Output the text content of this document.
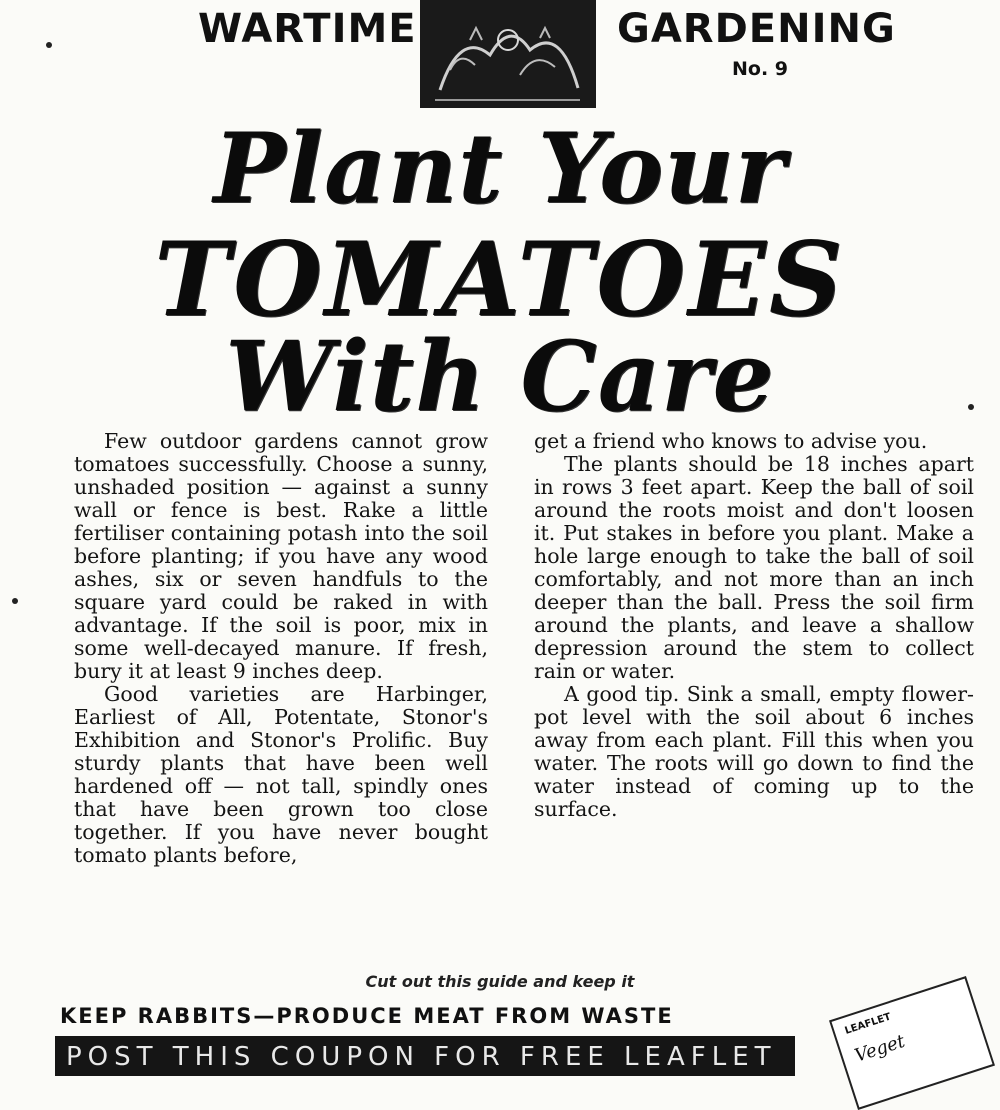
WARTIME	GARDENING
No. 9
Plant Your
TOMATOES
With Care

Few outdoor gardens cannot grow tomatoes successfully. Choose a sunny, unshaded position — against a sunny wall or fence is best. Rake a little fertiliser containing potash into the soil before planting; if you have any wood ashes, six or seven handfuls to the square yard could be raked in with advantage. If the soil is poor, mix in some well-decayed manure. If fresh, bury it at least 9 inches deep.

Good varieties are Harbinger, Earliest of All, Potentate, Stonor's Exhibition and Stonor's Prolific. Buy sturdy plants that have been well hardened off — not tall, spindly ones that have been grown too close together. If you have never bought tomato plants before,

get a friend who knows to advise you.

The plants should be 18 inches apart in rows 3 feet apart. Keep the ball of soil around the roots moist and don't loosen it. Put stakes in before you plant. Make a hole large enough to take the ball of soil comfortably, and not more than an inch deeper than the ball. Press the soil firm around the plants, and leave a shallow depression around the stem to collect rain or water.

A good tip. Sink a small, empty flower-pot level with the soil about 6 inches away from each plant. Fill this when you water. The roots will go down to find the water instead of coming up to the surface.

Cut out this guide and keep it
KEEP RABBITS—PRODUCE MEAT FROM WASTE
POST THIS COUPON FOR FREE LEAFLET
LEAFLET
Veget
